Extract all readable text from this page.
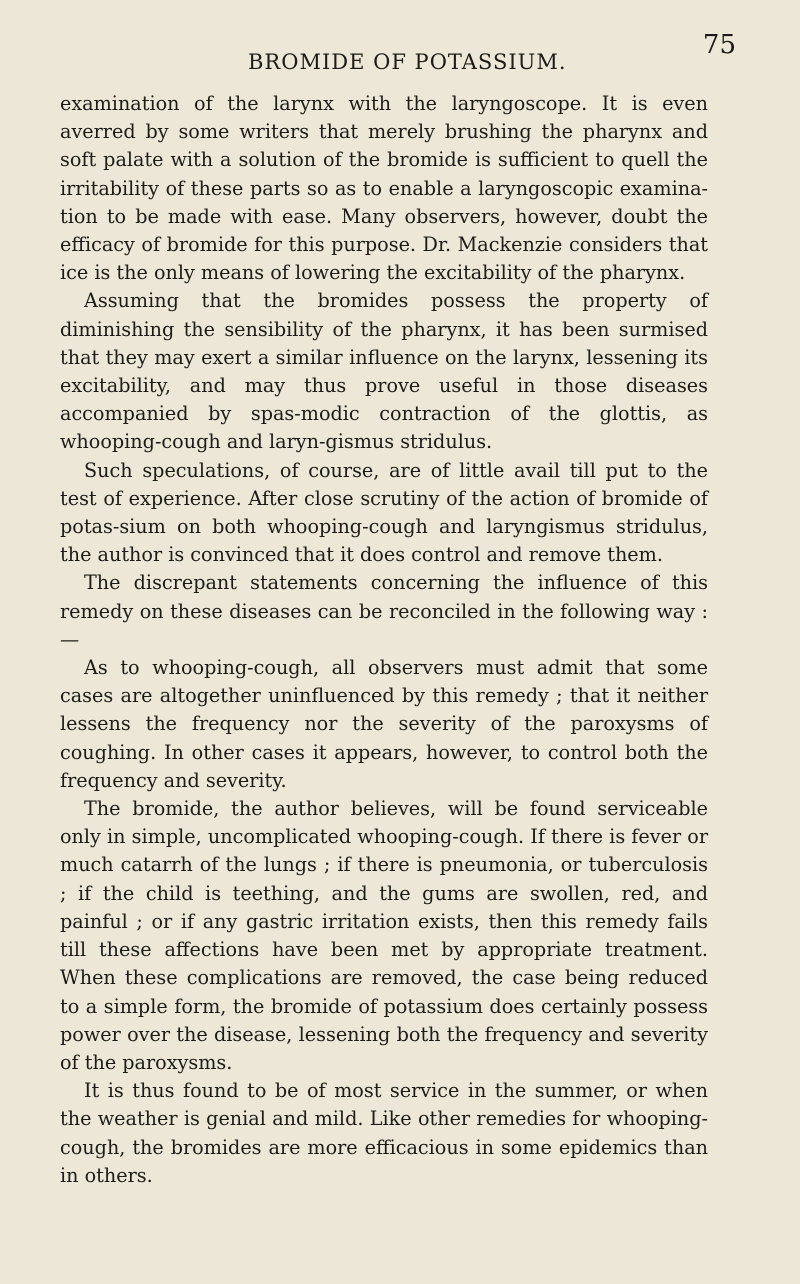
BROMIDE OF POTASSIUM.
75

examination of the larynx with the laryngoscope. It is even averred by some writers that merely brushing the pharynx and soft palate with a solution of the bromide is sufficient to quell the irritability of these parts so as to enable a laryngoscopic examina-tion to be made with ease. Many observers, however, doubt the efficacy of bromide for this purpose. Dr. Mackenzie considers that ice is the only means of lowering the excitability of the pharynx.

Assuming that the bromides possess the property of diminishing the sensibility of the pharynx, it has been surmised that they may exert a similar influence on the larynx, lessening its excitability, and may thus prove useful in those diseases accompanied by spas-modic contraction of the glottis, as whooping-cough and laryn-gismus stridulus.

Such speculations, of course, are of little avail till put to the test of experience. After close scrutiny of the action of bromide of potas-sium on both whooping-cough and laryngismus stridulus, the author is convinced that it does control and remove them.

The discrepant statements concerning the influence of this remedy on these diseases can be reconciled in the following way :—

As to whooping-cough, all observers must admit that some cases are altogether uninfluenced by this remedy ; that it neither lessens the frequency nor the severity of the paroxysms of coughing. In other cases it appears, however, to control both the frequency and severity.

The bromide, the author believes, will be found serviceable only in simple, uncomplicated whooping-cough. If there is fever or much catarrh of the lungs ; if there is pneumonia, or tuberculosis ; if the child is teething, and the gums are swollen, red, and painful ; or if any gastric irritation exists, then this remedy fails till these affections have been met by appropriate treatment. When these complications are removed, the case being reduced to a simple form, the bromide of potassium does certainly possess power over the disease, lessening both the frequency and severity of the paroxysms.

It is thus found to be of most service in the summer, or when the weather is genial and mild. Like other remedies for whooping-cough, the bromides are more efficacious in some epidemics than in others.
